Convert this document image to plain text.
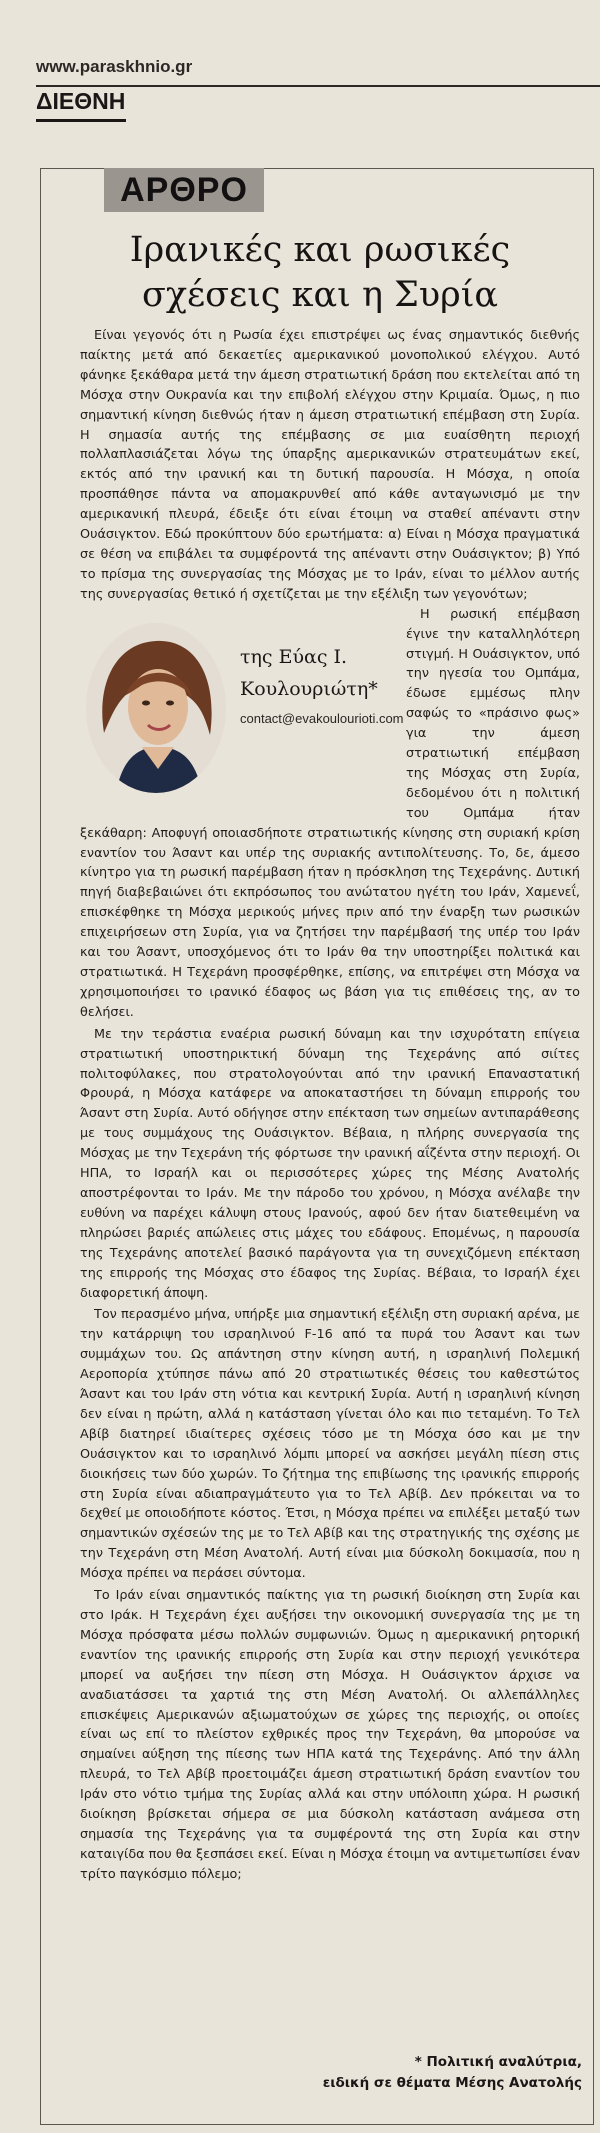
www.paraskhnio.gr
ΔΙΕΘΝΗ
ΑΡΘΡΟ
Ιρανικές και ρωσικές
σχέσεις και η Συρία

Είναι γεγονός ότι η Ρωσία έχει επιστρέψει ως ένας σημαντικός διεθνής παίκτης μετά από δεκαετίες αμερικανικού μονοπολικού ελέγχου. Αυτό φάνηκε ξεκάθαρα μετά την άμεση στρατιωτική δράση που εκτελείται από τη Μόσχα στην Ουκρανία και την επιβολή ελέγχου στην Κριμαία. Όμως, η πιο σημαντική κίνηση διεθνώς ήταν η άμεση στρατιωτική επέμβαση στη Συρία. Η σημασία αυτής της επέμβασης σε μια ευαίσθητη περιοχή πολλαπλασιάζεται λόγω της ύπαρξης αμερικανικών στρατευμάτων εκεί, εκτός από την ιρανική και τη δυτική παρουσία. Η Μόσχα, η οποία προσπάθησε πάντα να απομακρυνθεί από κάθε ανταγωνισμό με την αμερικανική πλευρά, έδειξε ότι είναι έτοιμη να σταθεί απέναντι στην Ουάσιγκτον. Εδώ προκύπτουν δύο ερωτήματα: α) Είναι η Μόσχα πραγματικά σε θέση να επιβάλει τα συμφέροντά της απέναντι στην Ουάσιγκτον; β) Υπό το πρίσμα της συνεργασίας της Μόσχας με το Ιράν, είναι το μέλλον αυτής της συνεργασίας θετικό ή σχετίζεται με την εξέλιξη των γεγονότων;

της Εύας Ι.
Κουλουριώτη*
contact@evakoulourioti.com

Η ρωσική επέμβαση έγινε την καταλληλότερη στιγμή. Η Ουάσιγκτον, υπό την ηγεσία του Ομπάμα, έδωσε εμμέσως πλην σαφώς το «πράσινο φως» για την άμεση στρατιωτική επέμβαση της Μόσχας στη Συρία, δεδομένου ότι η πολιτική του Ομπάμα ήταν ξεκάθαρη: Αποφυγή οποιασδήποτε στρατιωτικής κίνησης στη συριακή κρίση εναντίον του Άσαντ και υπέρ της συριακής αντιπολίτευσης. Το, δε, άμεσο κίνητρο για τη ρωσική παρέμβαση ήταν η πρόσκληση της Τεχεράνης. Δυτική πηγή διαβεβαιώνει ότι εκπρόσωπος του ανώτατου ηγέτη του Ιράν, Χαμενεΐ, επισκέφθηκε τη Μόσχα μερικούς μήνες πριν από την έναρξη των ρωσικών επιχειρήσεων στη Συρία, για να ζητήσει την παρέμβασή της υπέρ του Ιράν και του Άσαντ, υποσχόμενος ότι το Ιράν θα την υποστηρίξει πολιτικά και στρατιωτικά. Η Τεχεράνη προσφέρθηκε, επίσης, να επιτρέψει στη Μόσχα να χρησιμοποιήσει το ιρανικό έδαφος ως βάση για τις επιθέσεις της, αν το θελήσει.

Με την τεράστια εναέρια ρωσική δύναμη και την ισχυρότατη επίγεια στρατιωτική υποστηρικτική δύναμη της Τεχεράνης από σιίτες πολιτοφύλακες, που στρατολογούνται από την ιρανική Επαναστατική Φρουρά, η Μόσχα κατάφερε να αποκαταστήσει τη δύναμη επιρροής του Άσαντ στη Συρία. Αυτό οδήγησε στην επέκταση των σημείων αντιπαράθεσης με τους συμμάχους της Ουάσιγκτον. Βέβαια, η πλήρης συνεργασία της Μόσχας με την Τεχεράνη τής φόρτωσε την ιρανική αΐζέντα στην περιοχή. Οι ΗΠΑ, το Ισραήλ και οι περισσότερες χώρες της Μέσης Ανατολής αποστρέφονται το Ιράν. Με την πάροδο του χρόνου, η Μόσχα ανέλαβε την ευθύνη να παρέχει κάλυψη στους Ιρανούς, αφού δεν ήταν διατεθειμένη να πληρώσει βαριές απώλειες στις μάχες του εδάφους. Επομένως, η παρουσία της Τεχεράνης αποτελεί βασικό παράγοντα για τη συνεχιζόμενη επέκταση της επιρροής της Μόσχας στο έδαφος της Συρίας. Βέβαια, το Ισραήλ έχει διαφορετική άποψη.

Τον περασμένο μήνα, υπήρξε μια σημαντική εξέλιξη στη συριακή αρένα, με την κατάρριψη του ισραηλινού F-16 από τα πυρά του Άσαντ και των συμμάχων του. Ως απάντηση στην κίνηση αυτή, η ισραηλινή Πολεμική Αεροπορία χτύπησε πάνω από 20 στρατιωτικές θέσεις του καθεστώτος Άσαντ και του Ιράν στη νότια και κεντρική Συρία. Αυτή η ισραηλινή κίνηση δεν είναι η πρώτη, αλλά η κατάσταση γίνεται όλο και πιο τεταμένη. Το Τελ Αβίβ διατηρεί ιδιαίτερες σχέσεις τόσο με τη Μόσχα όσο και με την Ουάσιγκτον και το ισραηλινό λόμπι μπορεί να ασκήσει μεγάλη πίεση στις διοικήσεις των δύο χωρών. Το ζήτημα της επιβίωσης της ιρανικής επιρροής στη Συρία είναι αδιαπραγμάτευτο για το Τελ Αβίβ. Δεν πρόκειται να το δεχθεί με οποιοδήποτε κόστος. Έτσι, η Μόσχα πρέπει να επιλέξει μεταξύ των σημαντικών σχέσεών της με το Τελ Αβίβ και της στρατηγικής της σχέσης με την Τεχεράνη στη Μέση Ανατολή. Αυτή είναι μια δύσκολη δοκιμασία, που η Μόσχα πρέπει να περάσει σύντομα.

Το Ιράν είναι σημαντικός παίκτης για τη ρωσική διοίκηση στη Συρία και στο Ιράκ. Η Τεχεράνη έχει αυξήσει την οικονομική συνεργασία της με τη Μόσχα πρόσφατα μέσω πολλών συμφωνιών. Όμως η αμερικανική ρητορική εναντίον της ιρανικής επιρροής στη Συρία και στην περιοχή γενικότερα μπορεί να αυξήσει την πίεση στη Μόσχα. Η Ουάσιγκτον άρχισε να αναδιατάσσει τα χαρτιά της στη Μέση Ανατολή. Οι αλλεπάλληλες επισκέψεις Αμερικανών αξιωματούχων σε χώρες της περιοχής, οι οποίες είναι ως επί το πλείστον εχθρικές προς την Τεχεράνη, θα μπορούσε να σημαίνει αύξηση της πίεσης των ΗΠΑ κατά της Τεχεράνης. Από την άλλη πλευρά, το Τελ Αβίβ προετοιμάζει άμεση στρατιωτική δράση εναντίον του Ιράν στο νότιο τμήμα της Συρίας αλλά και στην υπόλοιπη χώρα. Η ρωσική διοίκηση βρίσκεται σήμερα σε μια δύσκολη κατάσταση ανάμεσα στη σημασία της Τεχεράνης για τα συμφέροντά της στη Συρία και στην καταιγίδα που θα ξεσπάσει εκεί. Είναι η Μόσχα έτοιμη να αντιμετωπίσει έναν τρίτο παγκόσμιο πόλεμο;

* Πολιτική αναλύτρια,
ειδική σε θέματα Μέσης Ανατολής
